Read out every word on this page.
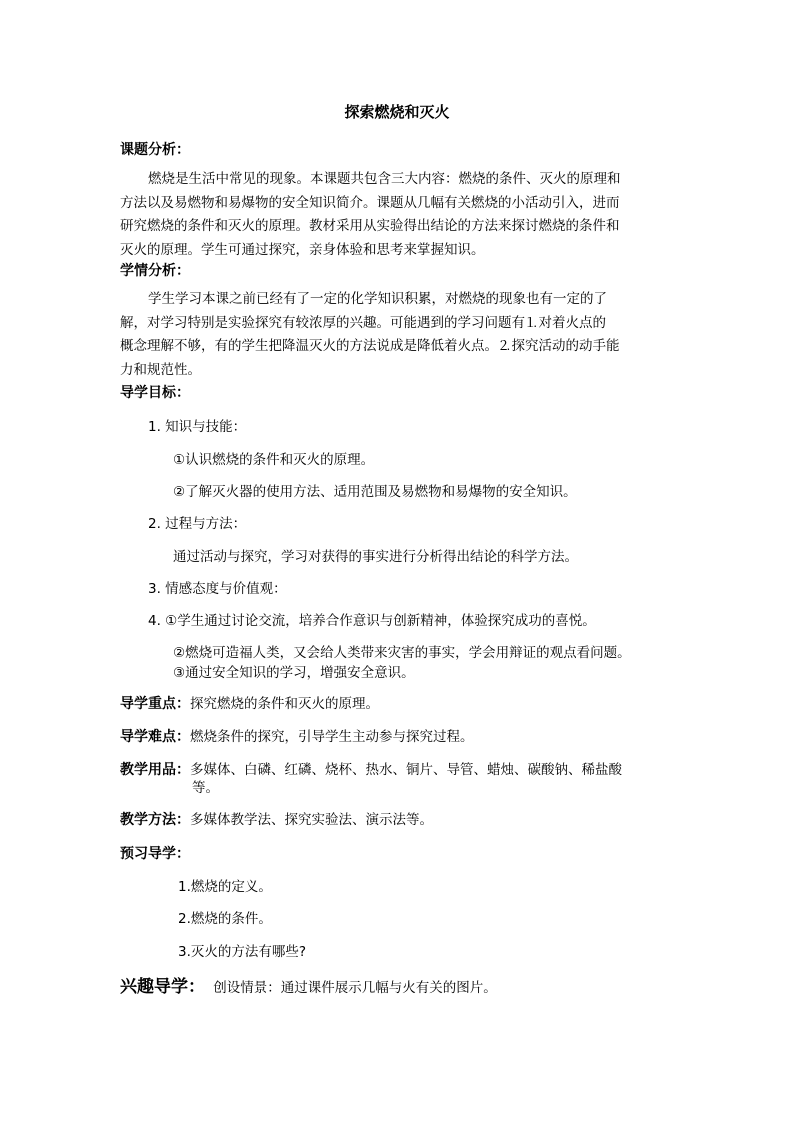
探索燃烧和灭火
课题分析：
燃烧是生活中常见的现象。本课题共包含三大内容：燃烧的条件、灭火的原理和
方法以及易燃物和易爆物的安全知识简介。课题从几幅有关燃烧的小活动引入，进而
研究燃烧的条件和灭火的原理。教材采用从实验得出结论的方法来探讨燃烧的条件和
灭火的原理。学生可通过探究，亲身体验和思考来掌握知识。
学情分析：
学生学习本课之前已经有了一定的化学知识积累，对燃烧的现象也有一定的了
解，对学习特别是实验探究有较浓厚的兴趣。可能遇到的学习问题有⒈对着火点的
概念理解不够，有的学生把降温灭火的方法说成是降低着火点。⒉探究活动的动手能
力和规范性。
导学目标：
1. 知识与技能：
①认识燃烧的条件和灭火的原理。
②了解灭火器的使用方法、适用范围及易燃物和易爆物的安全知识。
2. 过程与方法：
通过活动与探究，学习对获得的事实进行分析得出结论的科学方法。
3. 情感态度与价值观：
4. ①学生通过讨论交流，培养合作意识与创新精神，体验探究成功的喜悦。
②燃烧可造福人类，又会给人类带来灾害的事实，学会用辩证的观点看问题。
③通过安全知识的学习，增强安全意识。
导学重点：探究燃烧的条件和灭火的原理。
导学难点：燃烧条件的探究，引导学生主动参与探究过程。
教学用品：多媒体、白磷、红磷、烧杯、热水、铜片、导管、蜡烛、碳酸钠、稀盐酸
等。
教学方法：多媒体教学法、探究实验法、演示法等。
预习导学：
1.燃烧的定义。
2.燃烧的条件。
3.灭火的方法有哪些?
兴趣导学： 创设情景：通过课件展示几幅与火有关的图片。
